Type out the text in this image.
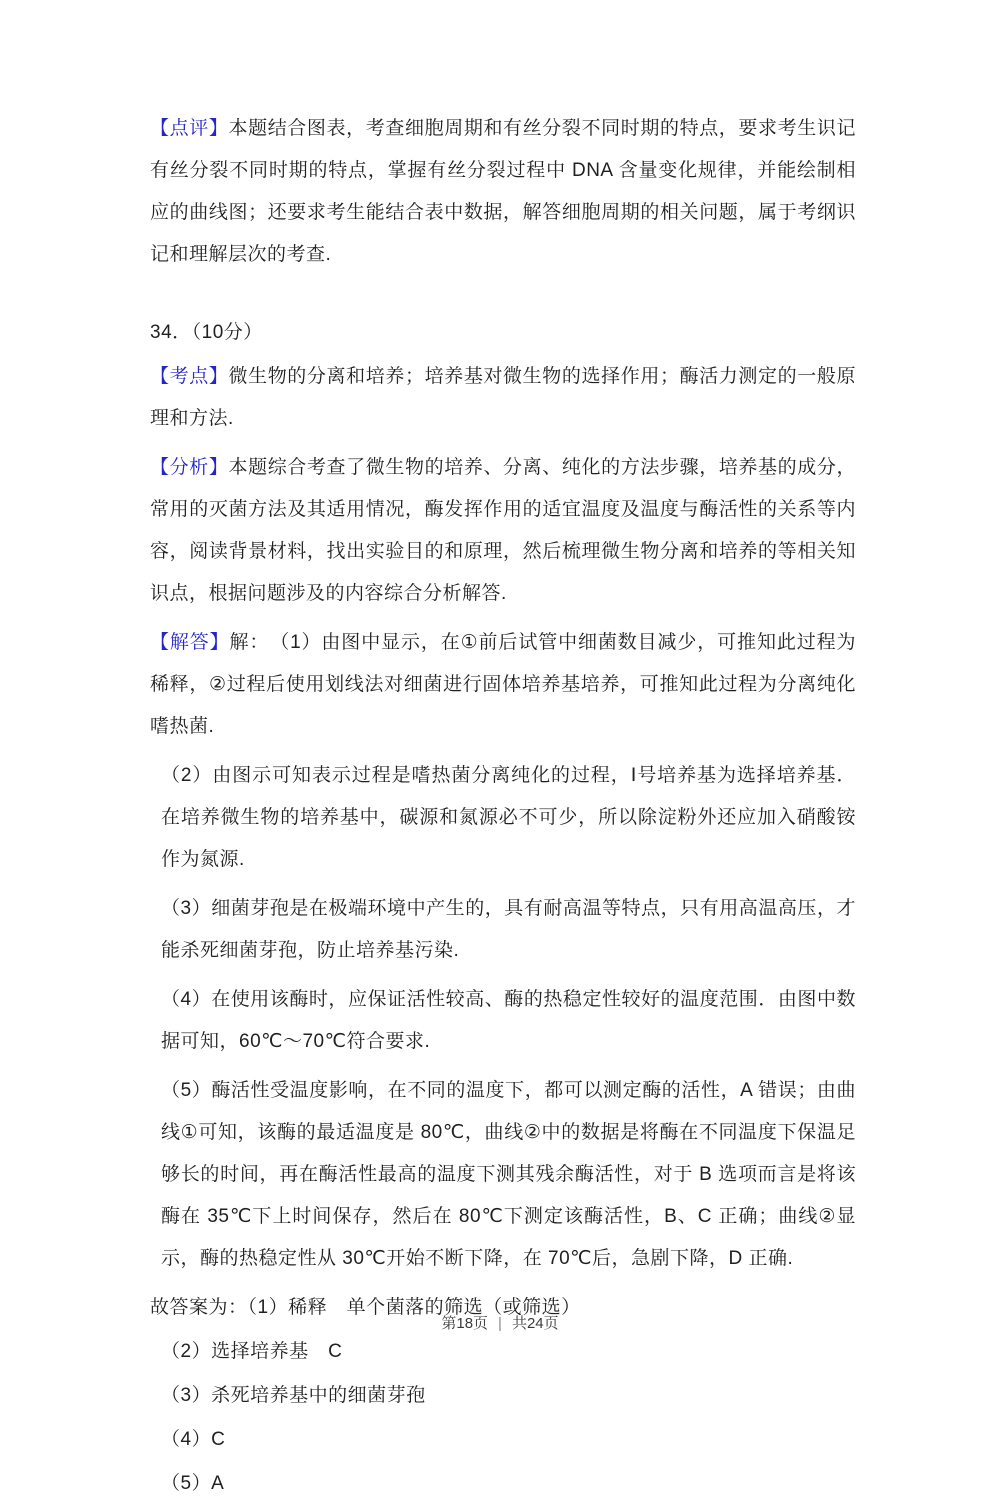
【点评】本题结合图表，考查细胞周期和有丝分裂不同时期的特点，要求考生识记有丝分裂不同时期的特点，掌握有丝分裂过程中 DNA 含量变化规律，并能绘制相应的曲线图；还要求考生能结合表中数据，解答细胞周期的相关问题，属于考纲识记和理解层次的考查.

34．（10分）

【考点】微生物的分离和培养；培养基对微生物的选择作用；酶活力测定的一般原理和方法.

【分析】本题综合考查了微生物的培养、分离、纯化的方法步骤，培养基的成分，常用的灭菌方法及其适用情况，酶发挥作用的适宜温度及温度与酶活性的关系等内容，阅读背景材料，找出实验目的和原理，然后梳理微生物分离和培养的等相关知识点，根据问题涉及的内容综合分析解答.

【解答】解：　（1）由图中显示，在①前后试管中细菌数目减少，可推知此过程为稀释，②过程后使用划线法对细菌进行固体培养基培养，可推知此过程为分离纯化嗜热菌.

（2）由图示可知表示过程是嗜热菌分离纯化的过程，Ⅰ号培养基为选择培养基．在培养微生物的培养基中，碳源和氮源必不可少，所以除淀粉外还应加入硝酸铵作为氮源.

（3）细菌芽孢是在极端环境中产生的，具有耐高温等特点，只有用高温高压，才能杀死细菌芽孢，防止培养基污染.

（4）在使用该酶时，应保证活性较高、酶的热稳定性较好的温度范围．由图中数据可知，60℃～70℃符合要求.

（5）酶活性受温度影响，在不同的温度下，都可以测定酶的活性，A 错误；由曲线①可知，该酶的最适温度是 80℃，曲线②中的数据是将酶在不同温度下保温足够长的时间，再在酶活性最高的温度下测其残余酶活性，对于 B 选项而言是将该酶在 35℃下上时间保存，然后在 80℃下测定该酶活性，B、C 正确；曲线②显示，酶的热稳定性从 30℃开始不断下降，在 70℃后，急剧下降，D 正确.

故答案为：（1）稀释　单个菌落的筛选（或筛选）

（2）选择培养基　C

（3）杀死培养基中的细菌芽孢

（4）C

（5）A

第18页 | 共24页
